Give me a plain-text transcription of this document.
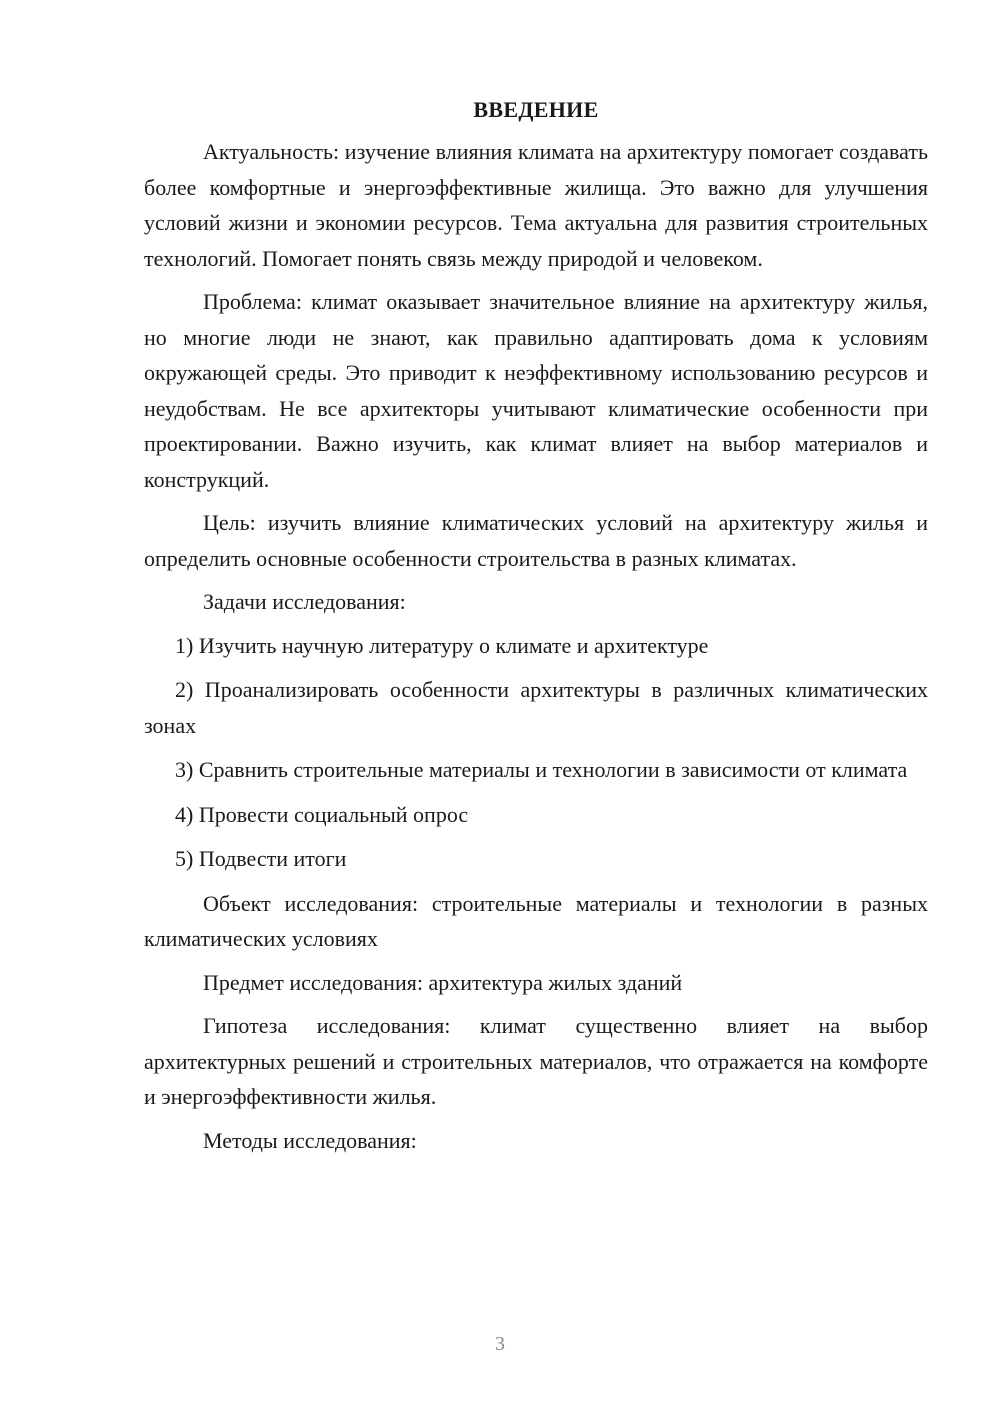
ВВЕДЕНИЕ

Актуальность: изучение влияния климата на архитектуру помогает создавать более комфортные и энергоэффективные жилища. Это важно для улучшения условий жизни и экономии ресурсов. Тема актуальна для развития строительных технологий. Помогает понять связь между природой и человеком.

Проблема: климат оказывает значительное влияние на архитектуру жилья, но многие люди не знают, как правильно адаптировать дома к условиям окружающей среды. Это приводит к неэффективному использованию ресурсов и неудобствам. Не все архитекторы учитывают климатические особенности при проектировании. Важно изучить, как климат влияет на выбор материалов и конструкций.

Цель: изучить влияние климатических условий на архитектуру жилья и определить основные особенности строительства в разных климатах.

Задачи исследования:

1) Изучить научную литературу о климате и архитектуре

2) Проанализировать особенности архитектуры в различных климатических зонах

3) Сравнить строительные материалы и технологии в зависимости от климата

4) Провести социальный опрос

5) Подвести итоги

Объект исследования: строительные материалы и технологии в разных климатических условиях

Предмет исследования: архитектура жилых зданий

Гипотеза исследования: климат существенно влияет на выбор архитектурных решений и строительных материалов, что отражается на комфорте и энергоэффективности жилья.

Методы исследования:

3
